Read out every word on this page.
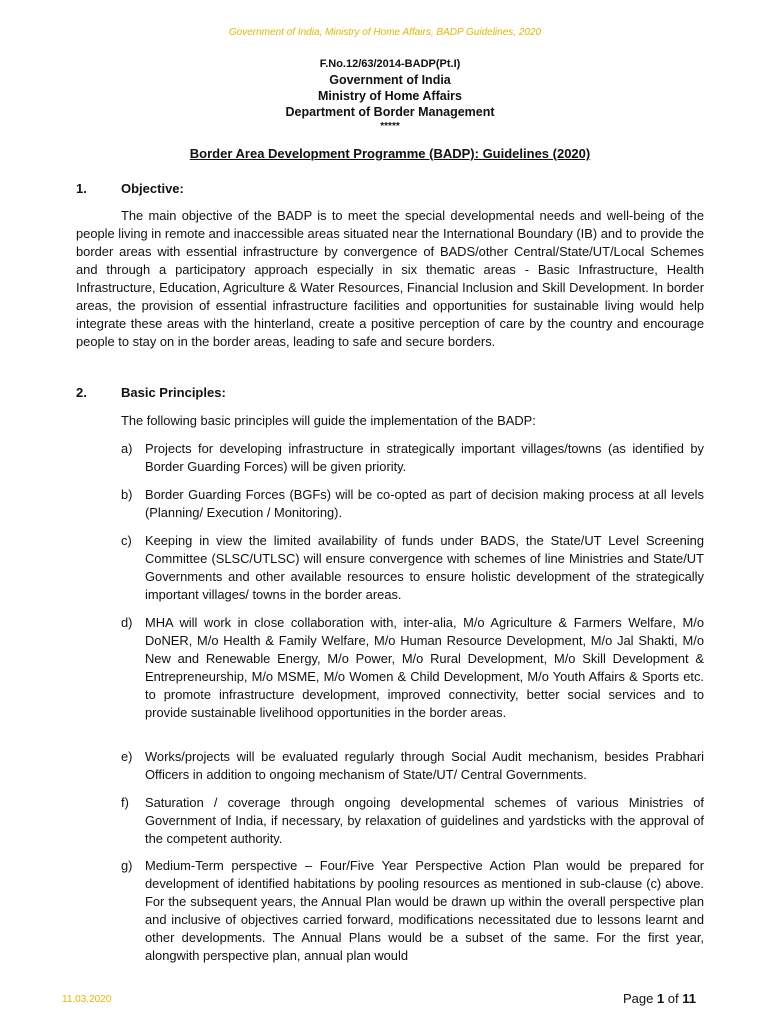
Government of India, Ministry of Home Affairs, BADP Guidelines, 2020
F.No.12/63/2014-BADP(Pt.I)
Government of India
Ministry of Home Affairs
Department of Border Management
*****
Border Area Development Programme (BADP): Guidelines (2020)
1.	Objective:
The main objective of the BADP is to meet the special developmental needs and well-being of the people living in remote and inaccessible areas situated near the International Boundary (IB) and to provide the border areas with essential infrastructure by convergence of BADS/other Central/State/UT/Local Schemes and through a participatory approach especially in six thematic areas - Basic Infrastructure, Health Infrastructure, Education, Agriculture & Water Resources, Financial Inclusion and Skill Development. In border areas, the provision of essential infrastructure facilities and opportunities for sustainable living would help integrate these areas with the hinterland, create a positive perception of care by the country and encourage people to stay on in the border areas, leading to safe and secure borders.
2.	Basic Principles:
The following basic principles will guide the implementation of the BADP:
a) Projects for developing infrastructure in strategically important villages/towns (as identified by Border Guarding Forces) will be given priority.
b) Border Guarding Forces (BGFs) will be co-opted as part of decision making process at all levels (Planning/ Execution / Monitoring).
c)	Keeping in view the limited availability of funds under BADS, the State/UT Level Screening Committee (SLSC/UTLSC) will ensure convergence with schemes of line Ministries and State/UT Governments and other available resources to ensure holistic development of the strategically important villages/ towns in the border areas.
d) MHA will work in close collaboration with, inter-alia, M/o Agriculture & Farmers Welfare, M/o DoNER, M/o Health & Family Welfare, M/o Human Resource Development, M/o Jal Shakti, M/o New and Renewable Energy, M/o Power, M/o Rural Development, M/o Skill Development & Entrepreneurship, M/o MSME, M/o Women & Child Development, M/o Youth Affairs & Sports etc. to promote infrastructure development, improved connectivity, better social services and to provide sustainable livelihood opportunities in the border areas.
e) Works/projects will be evaluated regularly through Social Audit mechanism, besides Prabhari Officers in addition to ongoing mechanism of State/UT/ Central Governments.
f)	Saturation / coverage through ongoing developmental schemes of various Ministries of Government of India, if necessary, by relaxation of guidelines and yardsticks with the approval of the competent authority.
g) Medium-Term perspective – Four/Five Year Perspective Action Plan would be prepared for development of identified habitations by pooling resources as mentioned in sub-clause (c) above. For the subsequent years, the Annual Plan would be drawn up within the overall perspective plan and inclusive of objectives carried forward, modifications necessitated due to lessons learnt and other developments. The Annual Plans would be a subset of the same. For the first year, alongwith perspective plan, annual plan would
11.03.2020	Page 1 of 11
